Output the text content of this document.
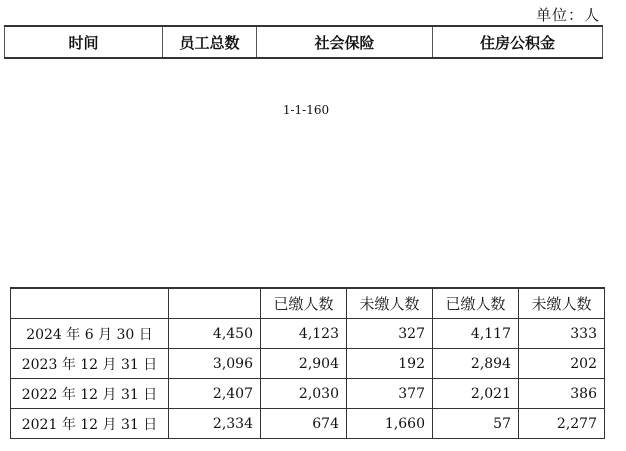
单位：人
时间	员工总数	社会保险	住房公积金
1-1-160
		已缴人数	未缴人数	已缴人数	未缴人数
2024 年 6 月 30 日	4,450	4,123	327	4,117	333
2023 年 12 月 31 日	3,096	2,904	192	2,894	202
2022 年 12 月 31 日	2,407	2,030	377	2,021	386
2021 年 12 月 31 日	2,334	674	1,660	57	2,277
